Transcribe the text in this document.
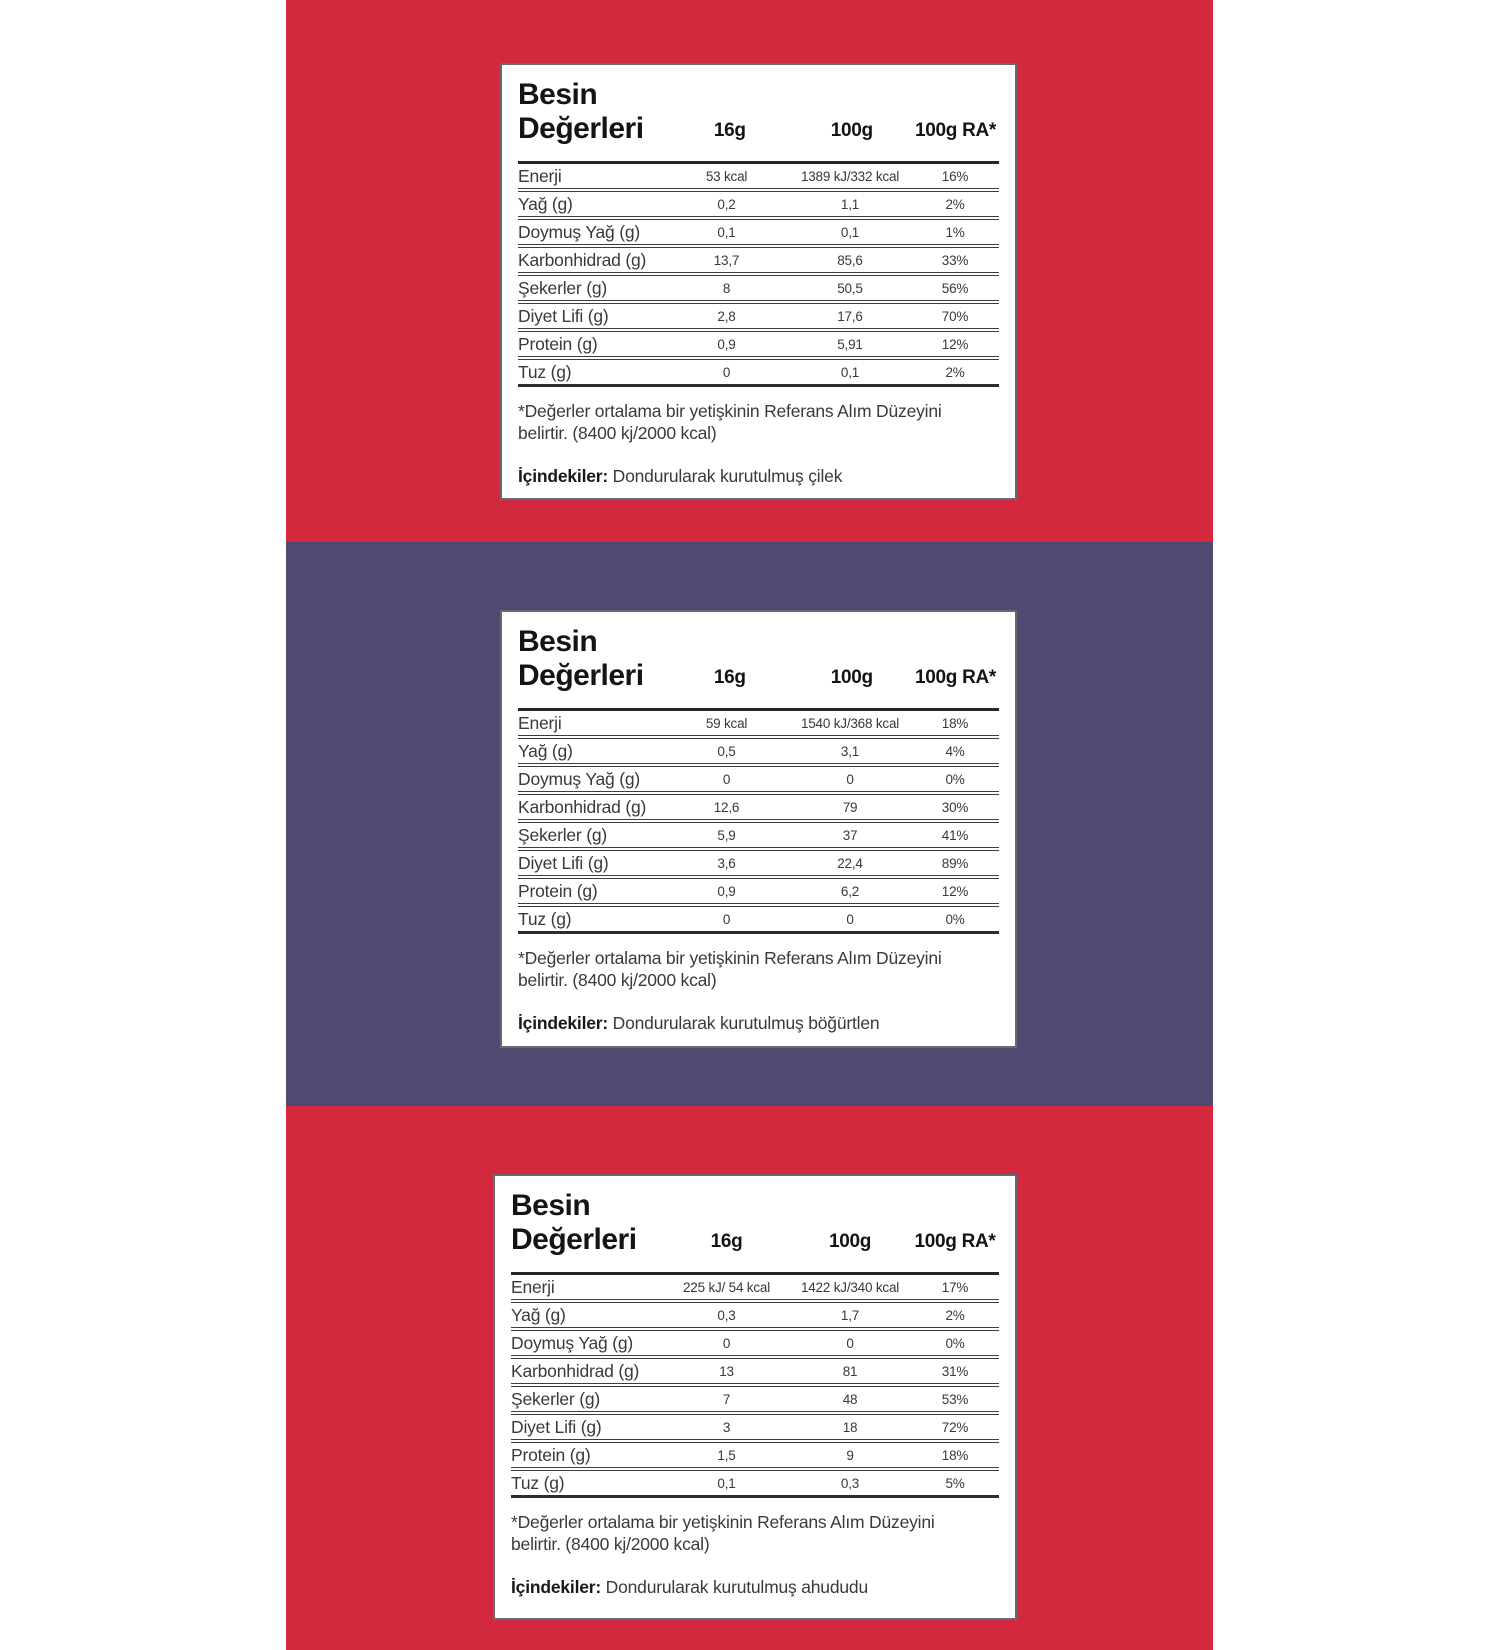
Besin
Değerleri	16g	100g	100g RA*
Enerji	53 kcal	1389 kJ/332 kcal	16%
Yağ (g)	0,2	1,1	2%
Doymuş Yağ (g)	0,1	0,1	1%
Karbonhidrad (g)	13,7	85,6	33%
Şekerler (g)	8	50,5	56%
Diyet Lifi (g)	2,8	17,6	70%
Protein (g)	0,9	5,91	12%
Tuz (g)	0	0,1	2%

*Değerler ortalama bir yetişkinin Referans Alım Düzeyini
belirtir. (8400 kj/2000 kcal)

İçindekiler: Dondurularak kurutulmuş çilek

Besin
Değerleri	16g	100g	100g RA*
Enerji	59 kcal	1540 kJ/368 kcal	18%
Yağ (g)	0,5	3,1	4%
Doymuş Yağ (g)	0	0	0%
Karbonhidrad (g)	12,6	79	30%
Şekerler (g)	5,9	37	41%
Diyet Lifi (g)	3,6	22,4	89%
Protein (g)	0,9	6,2	12%
Tuz (g)	0	0	0%

*Değerler ortalama bir yetişkinin Referans Alım Düzeyini
belirtir. (8400 kj/2000 kcal)

İçindekiler: Dondurularak kurutulmuş böğürtlen

Besin
Değerleri	16g	100g	100g RA*
Enerji	225 kJ/ 54 kcal	1422 kJ/340 kcal	17%
Yağ (g)	0,3	1,7	2%
Doymuş Yağ (g)	0	0	0%
Karbonhidrad (g)	13	81	31%
Şekerler (g)	7	48	53%
Diyet Lifi (g)	3	18	72%
Protein (g)	1,5	9	18%
Tuz (g)	0,1	0,3	5%

*Değerler ortalama bir yetişkinin Referans Alım Düzeyini
belirtir. (8400 kj/2000 kcal)

İçindekiler: Dondurularak kurutulmuş ahududu
